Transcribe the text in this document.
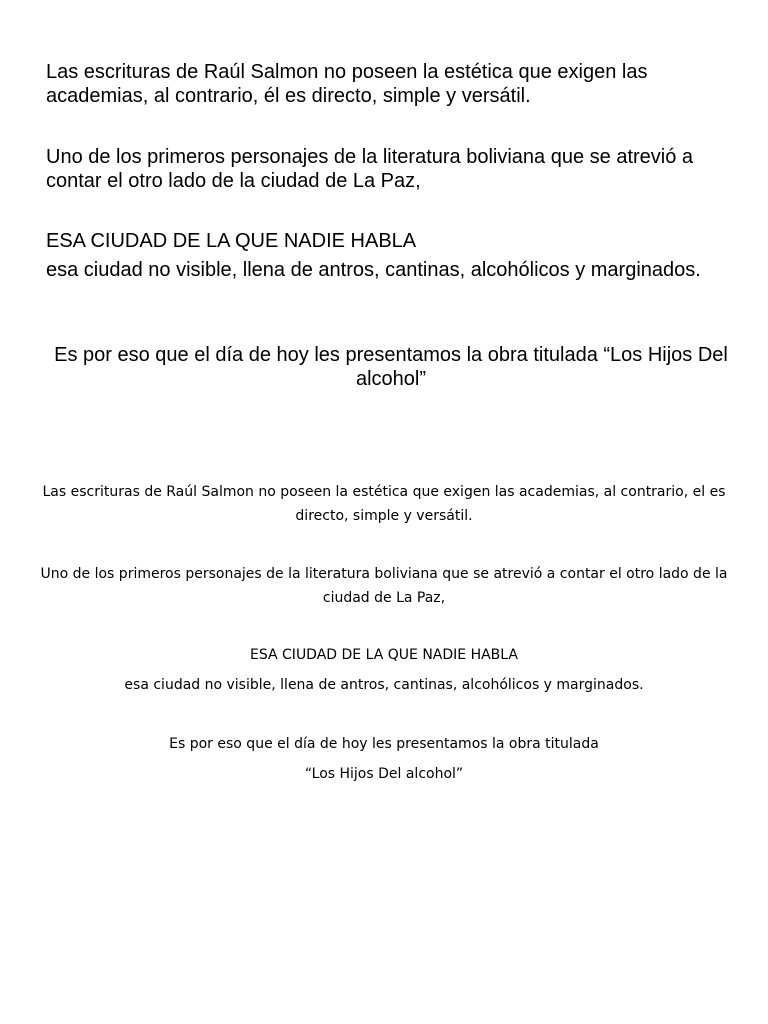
Las escrituras de Raúl Salmon no poseen la estética que exigen las academias, al contrario, él es directo, simple y versátil.

Uno de los primeros personajes de la literatura boliviana que se atrevió a contar el otro lado de la ciudad de La Paz,

ESA CIUDAD DE LA QUE NADIE HABLA

esa ciudad no visible, llena de antros, cantinas, alcohólicos y marginados.

Es por eso que el día de hoy les presentamos la obra titulada “Los Hijos Del alcohol”

Las escrituras de Raúl Salmon no poseen la estética que exigen las academias, al contrario, el es directo, simple y versátil.

Uno de los primeros personajes de la literatura boliviana que se atrevió a contar el otro lado de la ciudad de La Paz,

ESA CIUDAD DE LA QUE NADIE HABLA

esa ciudad no visible, llena de antros, cantinas, alcohólicos y marginados.

Es por eso que el día de hoy les presentamos la obra titulada

“Los Hijos Del alcohol”
